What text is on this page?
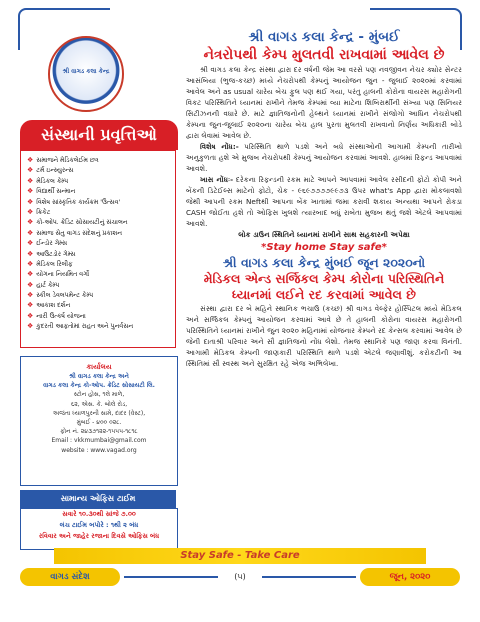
શ્રી વાગડ કલા કેન્દ્ર
સંસ્થાની પ્રવૃત્તિઓ
❖ સમાજને મેડિકલેઈમ છત્ર
❖ ટર્મ ઇન્સ્યુરન્સ
❖ મેડિકલ કેમ્પ
❖ વિદ્યાર્થી સન્માન
❖ વિશેષ સાંસ્કૃતિક કાર્યક્રમ 'ઉત્સવ'
❖ ક્રિકેટ
❖ કો-ઓપ. ક્રેડિટ સોસાયટીનું સંચાલન
❖ સમાજ સેતુ વાગડ સંદેશનું પ્રકાશન
❖ ઈન્ડોર ગેમ્સ
❖ આઉટડોર ગેમ્સ
❖ મેડિકલ રિલીફ
❖ યોગના નિયમિત વર્ગો
❖ હાર્ટ કેમ્પ
❖ સ્કીલ ડેવલપમેન્ટ કેમ્પ
❖ આકાશ દર્શન
❖ નારી ઉત્કર્ષ યોજના
❖ કુદરતી આફતોમાં રાહત અને પુનર્વસન
કાર્યાલય
શ્રી વાગડ કલા કેન્દ્ર અને
વાગડ કલા કેન્દ્ર કો-ઓપ. ક્રેડિટ સોસાયટી લિ.
સ્ટોન હોસ, ૧લે માળે,
૬૨, એસ. કે. બોલે રોડ,
અજંતા ધ્યાળપુરની સામે, દાદર (વેસ્ટ),
મુંબઈ - ૪૦૦ ૦૨૮.
ફોન નં. ૨૪૩૭૧૨૨-૧૫૫૫-૧૮૧૮
Email : vkkmumbai@gmail.com
website : www.vagad.org
સામાન્ય ઓફિસ ટાઈમ
સવારે ૧૦.૩૦થી સાંજે ૭.૦૦
લંચ ટાઈમ બપોરે : ૧થી ૨ બંધ
રવિવાર અને જાહેર રજાના દિવસે ઓફિસ બંધ
શ્રી વાગડ કલા કેન્દ્ર - મુંબઈ
નેત્રરોપથી કેમ્પ મુલતવી રાખવામાં આવેલ છે

શ્રી વાગડ કલા કેન્દ્ર સંસ્થા દ્વારા દર વર્ષની જેમ આ વરસે પણ નવજીવન નેચર ક્યોર સેન્ટર આસંબિયા (ભુજ-કચ્છ) મધ્યે નેચરોપથી કેમ્પનું આયોજન જુન - જુલાઈ ૨૦૨૦માં કરવામાં આવેલ અને as usual ચારેય બેચ ફુલ પણ થઈ ગયા, પરંતુ હાલની કોરોના વાયરસ મહારોગની વિકટ પરિસ્થિતિને ધ્યાનમાં રાખીને તેમજ કેમ્પમાં વ્યા માટેના શિબિરાર્થીની સંખ્યા પણ સિનિયર સિટીઝનની વધારે છે. માટે જ્ઞાતિજનોની હેલ્થને ધ્યાનમાં રાખીને સંજોગો આધિન નેચરોપથી કેમ્પના જુન-જુલાઈ ૨૦૨૦ના ચારેય બેચ હાલ પુરતા મુલતવી રાખવાનો નિર્ણય અધિકારી બોડે દ્વારા લેવામાં આવેલ છે.

વિશેષ નોંધ:- પરિસ્થિતિ થાળે પડશે અને બધે સંસ્થાઓની આગામી કેમ્પની તારીખો અનુકુળતા હશે એ મુજબ નેચરોપથી કેમ્પનું આયોજન કરવામાં આવશે. હાલમાં રિફન્ડ આપવામાં આવશે.

ખાસ નોંધઃ- દરેકના રિફન્ડની રકમ માટે આપને આપવામાં આવેલ રસીદની ફોટો કોપી અને બેંકની ડિટેઈલ્સ માટેનો ફોટો, ચેક - ૯૬૯૭૭૭૭૯૯૭૩ ઉપર what's App દ્વારા મોકલાવશો જેથી આપની રકમ Neftથી આપના બેંક ખાતામાં જમા કરાવી શકાય અન્યથા આપને રોકડા CASH જોઈતા હશે તો ઓફિસ ખુલશે ત્યારબાદ બધું રાબેતા મુજબ થતું જશે એટલે આપવામાં આવશે.

લોક ડાઉન સ્થિતિને ધ્યાનમાં રાખીને સાથ સહકારની અપેક્ષા

*Stay home Stay safe*
શ્રી વાગડ કલા કેન્દ્ર મુંબઈ જૂન ૨૦૨૦નો
મેડિકલ એન્ડ સર્જિકલ કેમ્પ કોરોના પરિસ્થિતિને
ધ્યાનમાં લઈને રદ કરવામાં આવેલ છે

સંસ્થા દ્વારા દર બે મહિને સ્થાનિક ભચાઉ (કચ્છ) શ્રી વાગડ વેલ્ફેર હોસ્પિટલ મધ્યે મેડિકલ અને સર્જિકલ કેમ્પનું આયોજન કરવામાં આવે છે તે હાલની કોરોના વાયરસ મહારોગની પરિસ્થિતિને ધ્યાનમાં રાખીને જુન ૨૦૨૦ મહિનામાં યોજનાર કેમ્પને રદ કેન્સલ કરવામાં આવેલ છે જેની દાતાશ્રી પરિવાર અને સૌ જ્ઞાતિજનો નોંધ લેશો. તેમજ સ્થાનિકે પણ જાણ કરવા વિનંતી. આગામી મેડિકલ કેમ્પની જાણકારી પરિસ્થિતિ થાળે પડશે એટલે જણાવીશું. કરોકટીની આ સ્થિતિમાં સૌ સ્વસ્થ અને સુરક્ષિત રહે એજ અભિલેખા.

Stay Safe - Take Care
વાગડ સંદેશ	(૫)	જૂન, ૨૦૨૦
